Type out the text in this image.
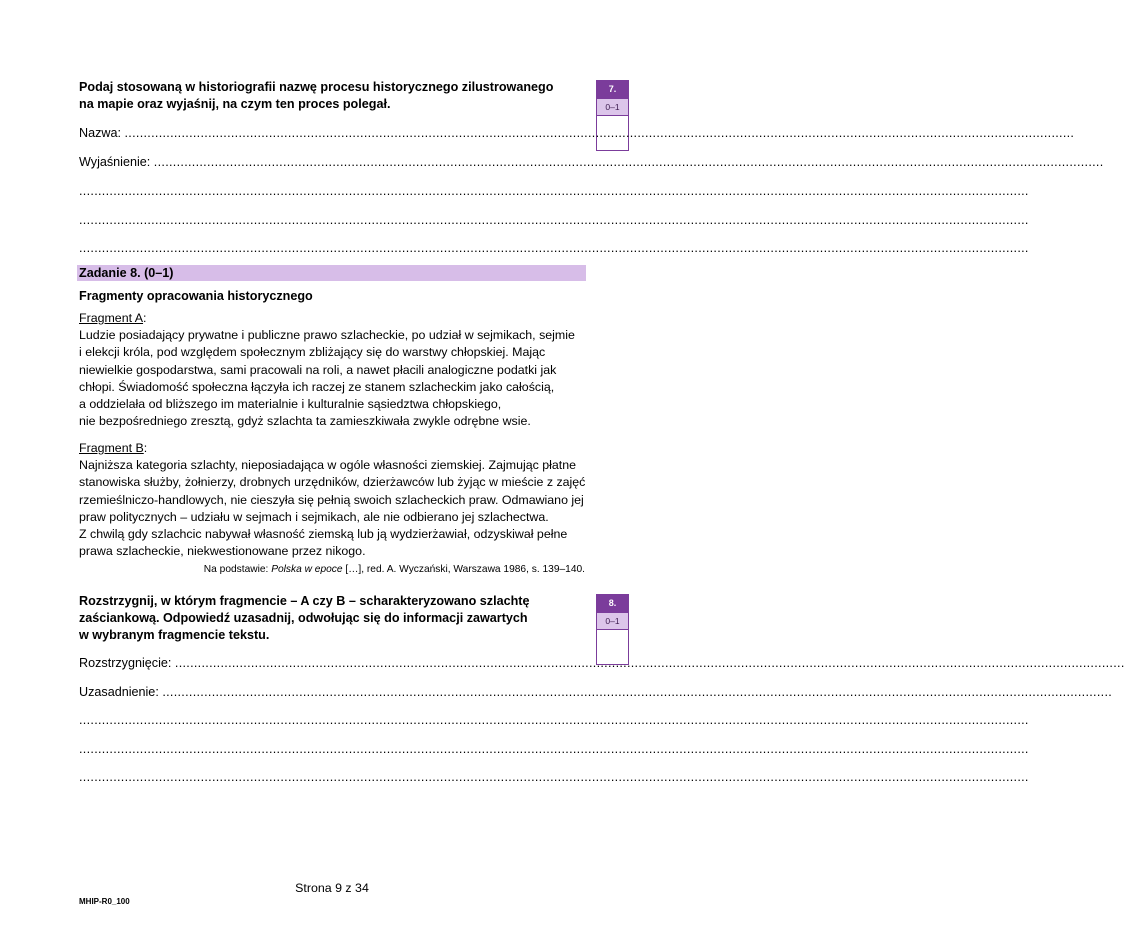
7.
0–1
Podaj stosowaną w historiografii nazwę procesu historycznego zilustrowanego
na mapie oraz wyjaśnij, na czym ten proces polegał.
Nazwa: ..........................................................................................................................................................................................................................................................
Wyjaśnienie: ..........................................................................................................................................................................................................................................................
..........................................................................................................................................................................................................................................................
..........................................................................................................................................................................................................................................................
..........................................................................................................................................................................................................................................................
Zadanie 8. (0–1)
Fragmenty opracowania historycznego
Fragment A:
Ludzie posiadający prywatne i publiczne prawo szlacheckie, po udział w sejmikach, sejmie
i elekcji króla, pod względem społecznym zbliżający się do warstwy chłopskiej. Mając
niewielkie gospodarstwa, sami pracowali na roli, a nawet płacili analogiczne podatki jak
chłopi. Świadomość społeczna łączyła ich raczej ze stanem szlacheckim jako całością,
a oddzielała od bliższego im materialnie i kulturalnie sąsiedztwa chłopskiego,
nie bezpośredniego zresztą, gdyż szlachta ta zamieszkiwała zwykle odrębne wsie.
Fragment B:
Najniższa kategoria szlachty, nieposiadająca w ogóle własności ziemskiej. Zajmując płatne
stanowiska służby, żołnierzy, drobnych urzędników, dzierżawców lub żyjąc w mieście z zajęć
rzemieślniczo-handlowych, nie cieszyła się pełnią swoich szlacheckich praw. Odmawiano jej
praw politycznych – udziału w sejmach i sejmikach, ale nie odbierano jej szlachectwa.
Z chwilą gdy szlachcic nabywał własność ziemską lub ją wydzierżawiał, odzyskiwał pełne
prawa szlacheckie, niekwestionowane przez nikogo.
Na podstawie: Polska w epoce […], red. A. Wyczański, Warszawa 1986, s. 139–140.
8.
0–1
Rozstrzygnij, w którym fragmencie – A czy B – scharakteryzowano szlachtę
zaściankową. Odpowiedź uzasadnij, odwołując się do informacji zawartych
w wybranym fragmencie tekstu.
Rozstrzygnięcie: ..........................................................................................................................................................................................................................................................
Uzasadnienie: ..........................................................................................................................................................................................................................................................
..........................................................................................................................................................................................................................................................
..........................................................................................................................................................................................................................................................
..........................................................................................................................................................................................................................................................
Strona 9 z 34
MHIP-R0_100
